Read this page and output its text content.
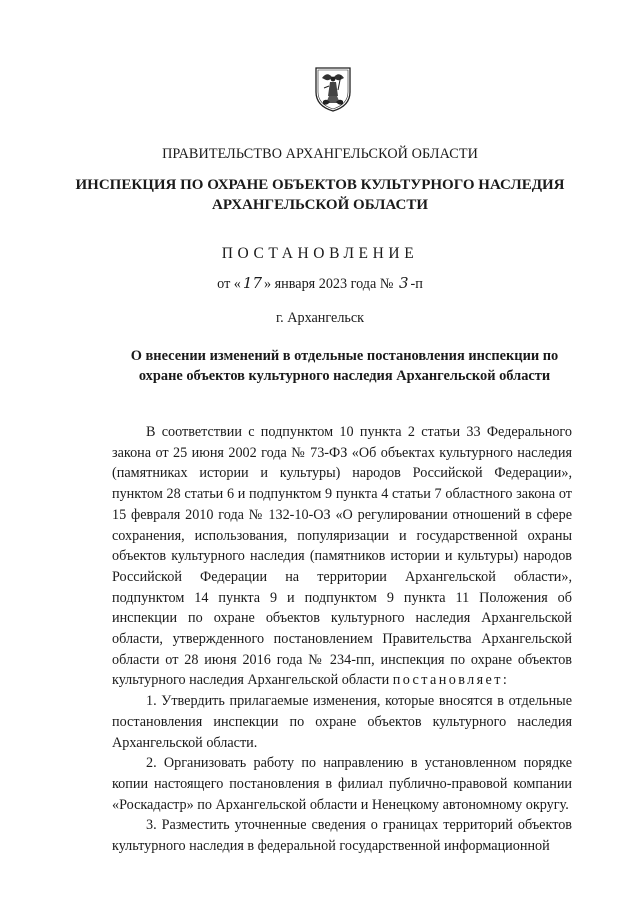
ПРАВИТЕЛЬСТВО АРХАНГЕЛЬСКОЙ ОБЛАСТИ
ИНСПЕКЦИЯ ПО ОХРАНЕ ОБЪЕКТОВ КУЛЬТУРНОГО НАСЛЕДИЯ
АРХАНГЕЛЬСКОЙ ОБЛАСТИ
ПОСТАНОВЛЕНИЕ
от « 17 » января 2023 года № 3 -п
г. Архангельск
О внесении изменений в отдельные постановления инспекции по охране объектов культурного наследия Архангельской области

В соответствии с подпунктом 10 пункта 2 статьи 33 Федерального закона от 25 июня 2002 года № 73-ФЗ «Об объектах культурного наследия (памятниках истории и культуры) народов Российской Федерации», пунктом 28 статьи 6 и подпунктом 9 пункта 4 статьи 7 областного закона от 15 февраля 2010 года № 132-10-ОЗ «О регулировании отношений в сфере сохранения, использования, популяризации и государственной охраны объектов культурного наследия (памятников истории и культуры) народов Российской Федерации на территории Архангельской области», подпунктом 14 пункта 9 и подпунктом 9 пункта 11 Положения об инспекции по охране объектов культурного наследия Архангельской области, утвержденного постановлением Правительства Архангельской области от 28 июня 2016 года № 234-пп, инспекция по охране объектов культурного наследия Архангельской области постановляет:

1. Утвердить прилагаемые изменения, которые вносятся в отдельные постановления инспекции по охране объектов культурного наследия Архангельской области.

2. Организовать работу по направлению в установленном порядке копии настоящего постановления в филиал публично-правовой компании «Роскадастр» по Архангельской области и Ненецкому автономному округу.

3. Разместить уточненные сведения о границах территорий объектов культурного наследия в федеральной государственной информационной
